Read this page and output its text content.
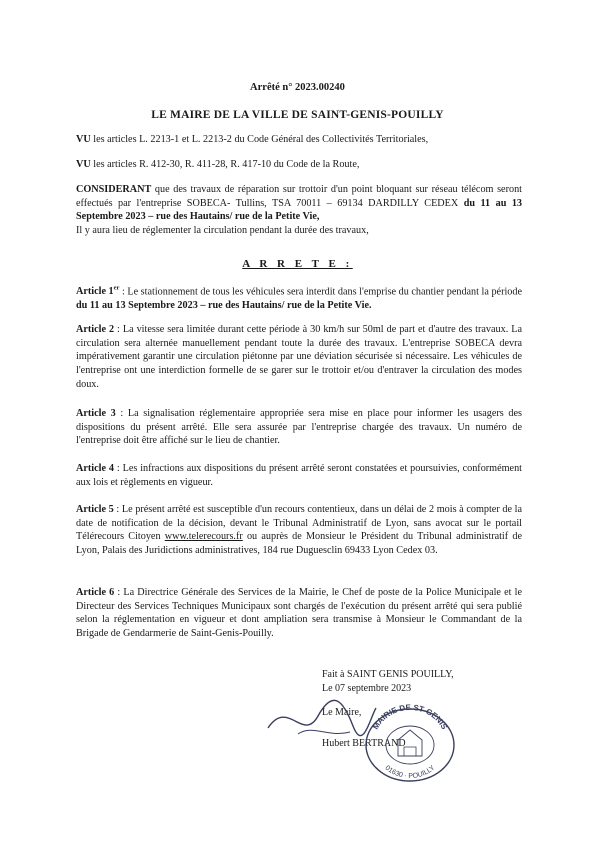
Arrêté n° 2023.00240
LE MAIRE DE LA VILLE DE SAINT-GENIS-POUILLY
VU les articles L. 2213-1 et L. 2213-2 du Code Général des Collectivités Territoriales,
VU les articles R. 412-30, R. 411-28, R. 417-10 du Code de la Route,
CONSIDERANT que des travaux de réparation sur trottoir d'un point bloquant sur réseau télécom seront effectués par l'entreprise SOBECA- Tullins, TSA 70011 – 69134 DARDILLY CEDEX du 11 au 13 Septembre 2023 – rue des Hautains/ rue de la Petite Vie,
Il y aura lieu de réglementer la circulation pendant la durée des travaux,
A R R E T E :
Article 1er : Le stationnement de tous les véhicules sera interdit dans l'emprise du chantier pendant la période du 11 au 13 Septembre 2023 – rue des Hautains/ rue de la Petite Vie.
Article 2 : La vitesse sera limitée durant cette période à 30 km/h sur 50ml de part et d'autre des travaux. La circulation sera alternée manuellement pendant toute la durée des travaux. L'entreprise SOBECA devra impérativement garantir une circulation piétonne par une déviation sécurisée si nécessaire. Les véhicules de l'entreprise ont une interdiction formelle de se garer sur le trottoir et/ou d'entraver la circulation des modes doux.
Article 3 : La signalisation réglementaire appropriée sera mise en place pour informer les usagers des dispositions du présent arrêté. Elle sera assurée par l'entreprise chargée des travaux. Un numéro de l'entreprise doit être affiché sur le lieu de chantier.
Article 4 : Les infractions aux dispositions du présent arrêté seront constatées et poursuivies, conformément aux lois et règlements en vigueur.
Article 5 : Le présent arrêté est susceptible d'un recours contentieux, dans un délai de 2 mois à compter de la date de notification de la décision, devant le Tribunal Administratif de Lyon, sans avocat sur le portail Télérecours Citoyen www.telerecours.fr ou auprès de Monsieur le Président du Tribunal administratif de Lyon, Palais des Juridictions administratives, 184 rue Duguesclin 69433 Lyon Cedex 03.
Article 6 : La Directrice Générale des Services de la Mairie, le Chef de poste de la Police Municipale et le Directeur des Services Techniques Municipaux sont chargés de l'exécution du présent arrêté qui sera publié selon la réglementation en vigueur et dont ampliation sera transmise à Monsieur le Commandant de la Brigade de Gendarmerie de Saint-Genis-Pouilly.
Fait à SAINT GENIS POUILLY,
Le 07 septembre 2023
Le Maire,
Hubert BERTRAND
MAIRIE DE ST GENIS
01630 · POUILLY
